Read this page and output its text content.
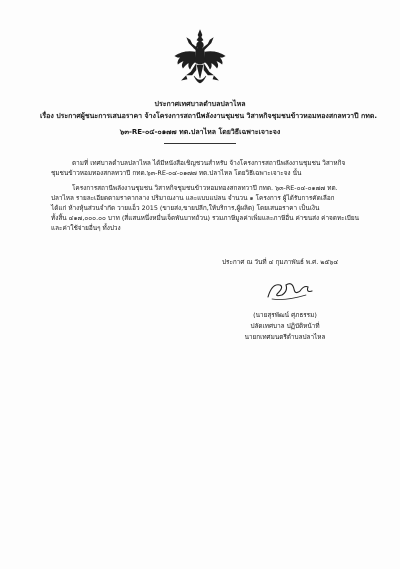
ประกาศเทศบาลตำบลปลาไหล
เรื่อง ประกาศผู้ชนะการเสนอราคา จ้างโครงการสถานีพลังงานชุมชน วิสาหกิจชุมชนข้าวหอมทองสกลทวาปี กทด.
๖๓-RE-๐๔-๐๑๗๗ ทต.ปลาไหล โดยวิธีเฉพาะเจาะจง
ตามที่ เทศบาลตำบลปลาไหล ได้มีหนังสือเชิญชวนสำหรับ จ้างโครงการสถานีพลังงานชุมชน วิสาหกิจ
ชุมชนข้าวหอมทองสกลทวาปี กทด.๖๓-RE-๐๔-๐๑๗๗ ทต.ปลาไหล โดยวิธีเฉพาะเจาะจง นั้น
โครงการสถานีพลังงานชุมชน วิสาหกิจชุมชนข้าวหอมทองสกลทวาปี กทด. ๖๓-RE-๐๔-๐๑๗๗ ทต.
ปลาไหล รายละเอียดตามราคากลาง ปริมาณงาน และแบบแปลน จำนวน ๑ โครงการ ผู้ได้รับการคัดเลือก
ได้แก่ ห้างหุ้นส่วนจำกัด วายแอ็ว 2015 (ขายส่ง,ขายปลีก,ให้บริการ,ผู้ผลิต) โดยเสนอราคา เป็นเงิน
ทั้งสิ้น ๔๑๗,๐๐๐.๐๐ บาท (สี่แสนหนึ่งหมื่นเจ็ดพันบาทถ้วน) รวมภาษีมูลค่าเพิ่มและภาษีอื่น ค่าขนส่ง ค่าจดทะเบียน
และค่าใช้จ่ายอื่นๆ ทั้งปวง
ประกาศ ณ วันที่ ๔ กุมภาพันธ์ พ.ศ. ๒๕๖๔
(นายสุรพัฒน์ ศุภธรรม)
ปลัดเทศบาล ปฏิบัติหน้าที่
นายกเทศมนตรีตำบลปลาไหล
